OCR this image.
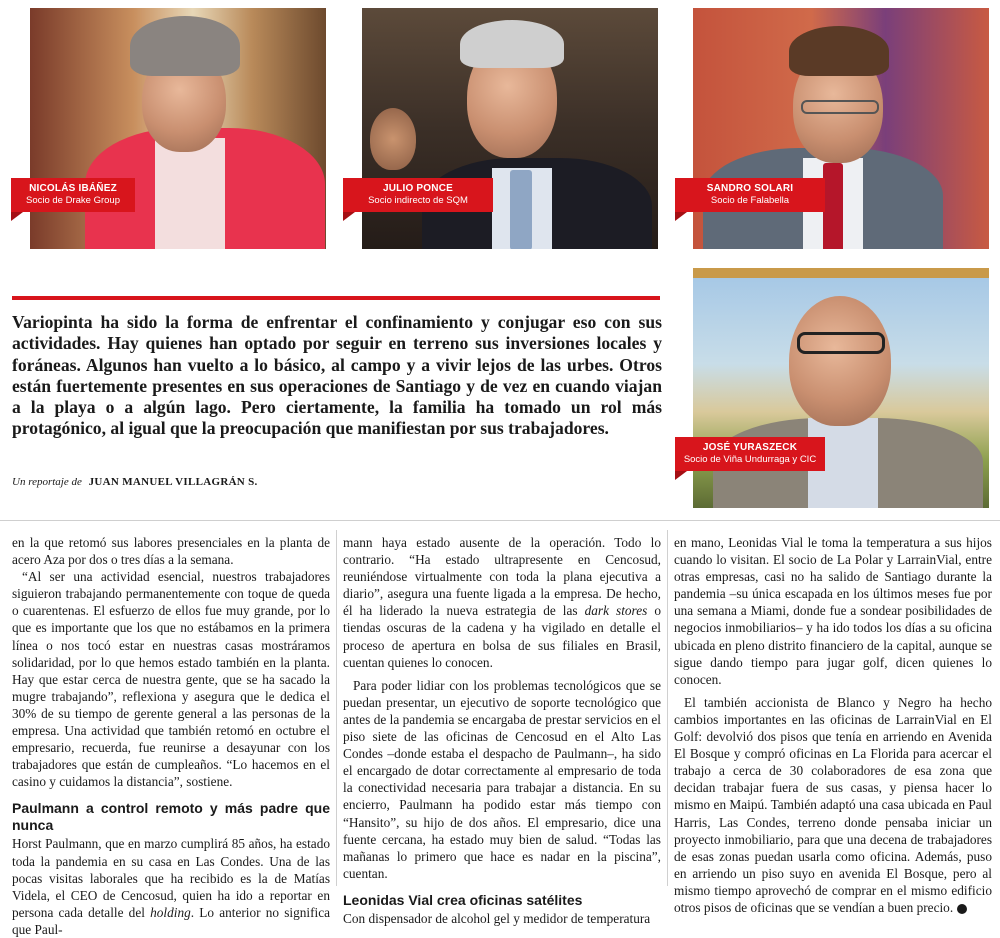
NICOLÁS IBÁÑEZ
Socio de Drake Group
JULIO PONCE
Socio indirecto de SQM
SANDRO SOLARI
Socio de Falabella
JOSÉ YURASZECK
Socio de Viña Undurraga y CIC

Variopinta ha sido la forma de enfrentar el confinamiento y conjugar eso con sus actividades. Hay quienes han optado por seguir en terreno sus inversiones locales y foráneas. Algunos han vuelto a lo básico, al campo y a vivir lejos de las urbes. Otros están fuertemente presentes en sus operaciones de Santiago y de vez en cuando viajan a la playa o a algún lago. Pero ciertamente, la familia ha tomado un rol más protagónico, al igual que la preocupación que manifiestan por sus trabajadores.

Un reportaje de JUAN MANUEL VILLAGRÁN S.

en la que retomó sus labores presenciales en la planta de acero Aza por dos o tres días a la semana.

“Al ser una actividad esencial, nuestros trabajadores siguieron trabajando permanentemente con toque de queda o cuarentenas. El esfuerzo de ellos fue muy grande, por lo que es importante que los que no estábamos en la primera línea o nos tocó estar en nuestras casas mostráramos solidaridad, por lo que hemos estado también en la planta. Hay que estar cerca de nuestra gente, que se ha sacado la mugre trabajando”, reflexiona y asegura que le dedica el 30% de su tiempo de gerente general a las personas de la empresa. Una actividad que también retomó en octubre el empresario, recuerda, fue reunirse a desayunar con los trabajadores que están de cumpleaños. “Lo hacemos en el casino y cuidamos la distancia”, sostiene.

Paulmann a control remoto y más padre que nunca

Horst Paulmann, que en marzo cumplirá 85 años, ha estado toda la pandemia en su casa en Las Condes. Una de las pocas visitas laborales que ha recibido es la de Matías Videla, el CEO de Cencosud, quien ha ido a reportar en persona cada detalle del holding. Lo anterior no significa que Paul-

mann haya estado ausente de la operación. Todo lo contrario. “Ha estado ultrapresente en Cencosud, reuniéndose virtualmente con toda la plana ejecutiva a diario”, asegura una fuente ligada a la empresa. De hecho, él ha liderado la nueva estrategia de las dark stores o tiendas oscuras de la cadena y ha vigilado en detalle el proceso de apertura en bolsa de sus filiales en Brasil, cuentan quienes lo conocen.

Para poder lidiar con los problemas tecnológicos que se puedan presentar, un ejecutivo de soporte tecnológico que antes de la pandemia se encargaba de prestar servicios en el piso siete de las oficinas de Cencosud en el Alto Las Condes –donde estaba el despacho de Paulmann–, ha sido el encargado de dotar correctamente al empresario de toda la conectividad necesaria para trabajar a distancia. En su encierro, Paulmann ha podido estar más tiempo con “Hansito”, su hijo de dos años. El empresario, dice una fuente cercana, ha estado muy bien de salud. “Todas las mañanas lo primero que hace es nadar en la piscina”, cuentan.

Leonidas Vial crea oficinas satélites

Con dispensador de alcohol gel y medidor de temperatura

en mano, Leonidas Vial le toma la temperatura a sus hijos cuando lo visitan. El socio de La Polar y LarrainVial, entre otras empresas, casi no ha salido de Santiago durante la pandemia –su única escapada en los últimos meses fue por una semana a Miami, donde fue a sondear posibilidades de negocios inmobiliarios– y ha ido todos los días a su oficina ubicada en pleno distrito financiero de la capital, aunque se sigue dando tiempo para jugar golf, dicen quienes lo conocen.

El también accionista de Blanco y Negro ha hecho cambios importantes en las oficinas de LarrainVial en El Golf: devolvió dos pisos que tenía en arriendo en Avenida El Bosque y compró oficinas en La Florida para acercar el trabajo a cerca de 30 colaboradores de esa zona que decidan trabajar fuera de sus casas, y piensa hacer lo mismo en Maipú. También adaptó una casa ubicada en Paul Harris, Las Condes, terreno donde pensaba iniciar un proyecto inmobiliario, para que una decena de trabajadores de esas zonas puedan usarla como oficina. Además, puso en arriendo un piso suyo en avenida El Bosque, pero al mismo tiempo aprovechó de comprar en el mismo edificio otros pisos de oficinas que se vendían a buen precio. P
